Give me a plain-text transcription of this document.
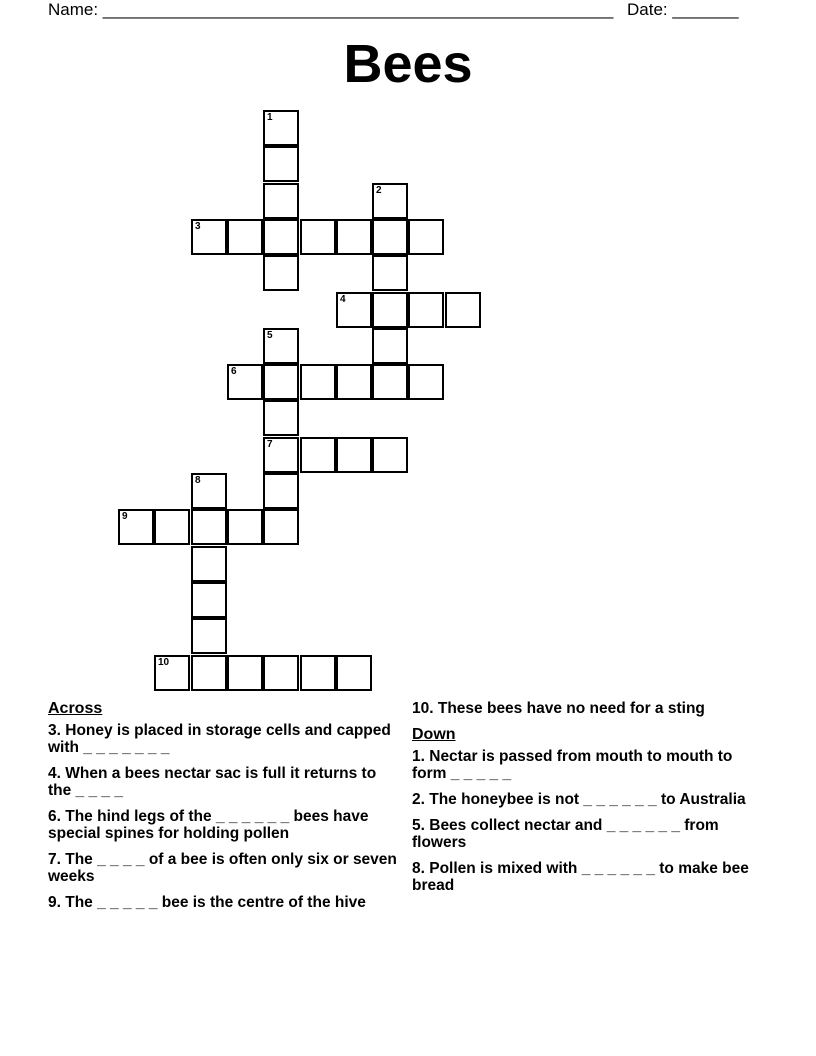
Name: ______________________________________________________ Date: _______
Bees
1
2
3
4
5
6
7
8
9
10
Across
3. Honey is placed in storage cells and capped with _ _ _ _ _ _ _
4. When a bees nectar sac is full it returns to the _ _ _ _
6. The hind legs of the _ _ _ _ _ _ bees have special spines for holding pollen
7. The _ _ _ _ of a bee is often only six or seven weeks
9. The _ _ _ _ _ bee is the centre of the hive
10. These bees have no need for a sting
Down
1. Nectar is passed from mouth to mouth to form _ _ _ _ _
2. The honeybee is not _ _ _ _ _ _ to Australia
5. Bees collect nectar and _ _ _ _ _ _ from flowers
8. Pollen is mixed with _ _ _ _ _ _ to make bee bread
